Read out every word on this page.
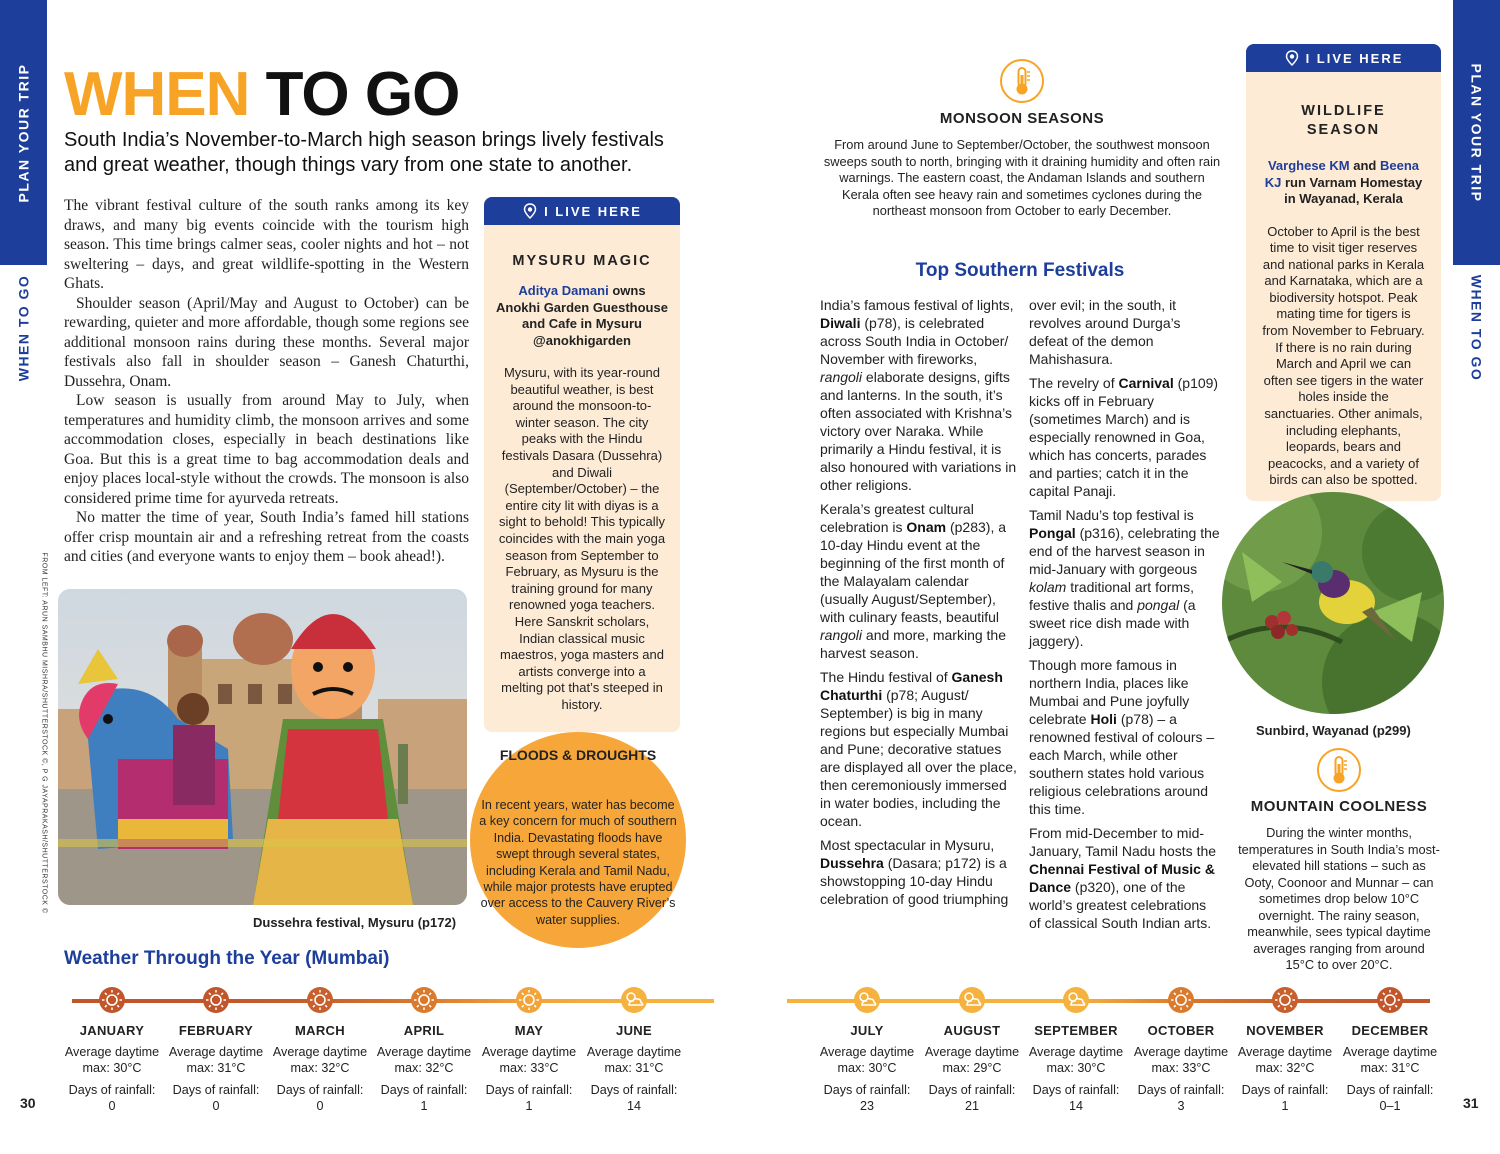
PLAN YOUR TRIP
WHEN TO GO
PLAN YOUR TRIP
WHEN TO GO
30	31
WHEN TO GO
South India’s November-to-March high season brings lively festivals and great weather, though things vary from one state to another.

The vibrant festival culture of the south ranks among its key draws, and many big events coincide with the tourism high season. This time brings calmer seas, cooler nights and hot – not sweltering – days, and great wildlife-spotting in the Western Ghats.

Shoulder season (April/May and August to October) can be rewarding, quieter and more affordable, though some regions see additional monsoon rains during these months. Several major festivals also fall in shoulder season – Ganesh Chaturthi, Dussehra, Onam.

Low season is usually from around May to July, when temperatures and humidity climb, the monsoon arrives and some accommodation closes, especially in beach destinations like Goa. But this is a great time to bag accommodation deals and enjoy places local-style without the crowds. The monsoon is also considered prime time for ayurveda retreats.

No matter the time of year, South India’s famed hill stations offer crisp mountain air and a refreshing retreat from the coasts and cities (and everyone wants to enjoy them – book ahead!).

FROM LEFT: ARUN SAMBHU MISHRA/SHUTTERSTOCK ©, P G JAYAPRAKASH/SHUTTERSTOCK ©
Dussehra festival, Mysuru (p172)
I LIVE HERE
MYSURU MAGIC
Aditya Damani owns Anokhi Garden Guesthouse and Cafe in Mysuru @anokhigarden
Mysuru, with its year-round beautiful weather, is best around the monsoon-to-winter season. The city peaks with the Hindu festivals Dasara (Dussehra) and Diwali (September/October) – the entire city lit with diyas is a sight to behold! This typically coincides with the main yoga season from September to February, as Mysuru is the training ground for many renowned yoga teachers. Here Sanskrit scholars, Indian classical music maestros, yoga masters and artists converge into a melting pot that’s steeped in history.
FLOODS & DROUGHTS
In recent years, water has become a key concern for much of southern India. Devastating floods have swept through several states, including Kerala and Tamil Nadu, while major protests have erupted over access to the Cauvery River’s water supplies.
MONSOON SEASONS
From around June to September/October, the southwest monsoon sweeps south to north, bringing with it draining humidity and often rain warnings. The eastern coast, the Andaman Islands and southern Kerala often see heavy rain and sometimes cyclones during the northeast monsoon from October to early December.
I LIVE HERE
WILDLIFE SEASON
Varghese KM and Beena KJ run Varnam Homestay in Wayanad, Kerala
October to April is the best time to visit tiger reserves and national parks in Kerala and Karnataka, which are a biodiversity hotspot. Peak mating time for tigers is from November to February. If there is no rain during March and April we can often see tigers in the water holes inside the sanctuaries. Other animals, including elephants, leopards, bears and peacocks, and a variety of birds can also be spotted.
Sunbird, Wayanad (p299)
MOUNTAIN COOLNESS
During the winter months, temperatures in South India’s most-elevated hill stations – such as Ooty, Coonoor and Munnar – can sometimes drop below 10°C overnight. The rainy season, meanwhile, sees typical daytime averages ranging from around 15°C to over 20°C.
Top Southern Festivals

India’s famous festival of lights, Diwali (p78), is celebrated across South India in October/ November with fireworks, rangoli elaborate designs, gifts and lanterns. In the south, it’s often associated with Krishna’s victory over Naraka. While primarily a Hindu festival, it is also honoured with variations in other religions.

Kerala’s greatest cultural celebration is Onam (p283), a 10-day Hindu event at the beginning of the first month of the Malayalam calendar (usually August/September), with culinary feasts, beautiful rangoli and more, marking the harvest season.

The Hindu festival of Ganesh Chaturthi (p78; August/ September) is big in many regions but especially Mumbai and Pune; decorative statues are displayed all over the place, then ceremoniously immersed in water bodies, including the ocean.

Most spectacular in Mysuru, Dussehra (Dasara; p172) is a showstopping 10-day Hindu celebration of good triumphing

over evil; in the south, it revolves around Durga’s defeat of the demon Mahishasura.

The revelry of Carnival (p109) kicks off in February (sometimes March) and is especially renowned in Goa, which has concerts, parades and parties; catch it in the capital Panaji.

Tamil Nadu’s top festival is Pongal (p316), celebrating the end of the harvest season in mid-January with gorgeous kolam traditional art forms, festive thalis and pongal (a sweet rice dish made with jaggery).

Though more famous in northern India, places like Mumbai and Pune joyfully celebrate Holi (p78) – a renowned festival of colours – each March, while other southern states hold various religious celebrations around this time.

From mid-December to mid-January, Tamil Nadu hosts the Chennai Festival of Music & Dance (p320), one of the world’s greatest celebrations of classical South Indian arts.

Weather Through the Year (Mumbai)
JANUARY
Average daytime
max: 30°C
Days of rainfall:
0
FEBRUARY
Average daytime
max: 31°C
Days of rainfall:
0
MARCH
Average daytime
max: 32°C
Days of rainfall:
0
APRIL
Average daytime
max: 32°C
Days of rainfall:
1
MAY
Average daytime
max: 33°C
Days of rainfall:
1
JUNE
Average daytime
max: 31°C
Days of rainfall:
14
JULY
Average daytime
max: 30°C
Days of rainfall:
23
AUGUST
Average daytime
max: 29°C
Days of rainfall:
21
SEPTEMBER
Average daytime
max: 30°C
Days of rainfall:
14
OCTOBER
Average daytime
max: 33°C
Days of rainfall:
3
NOVEMBER
Average daytime
max: 32°C
Days of rainfall:
1
DECEMBER
Average daytime
max: 31°C
Days of rainfall:
0–1
